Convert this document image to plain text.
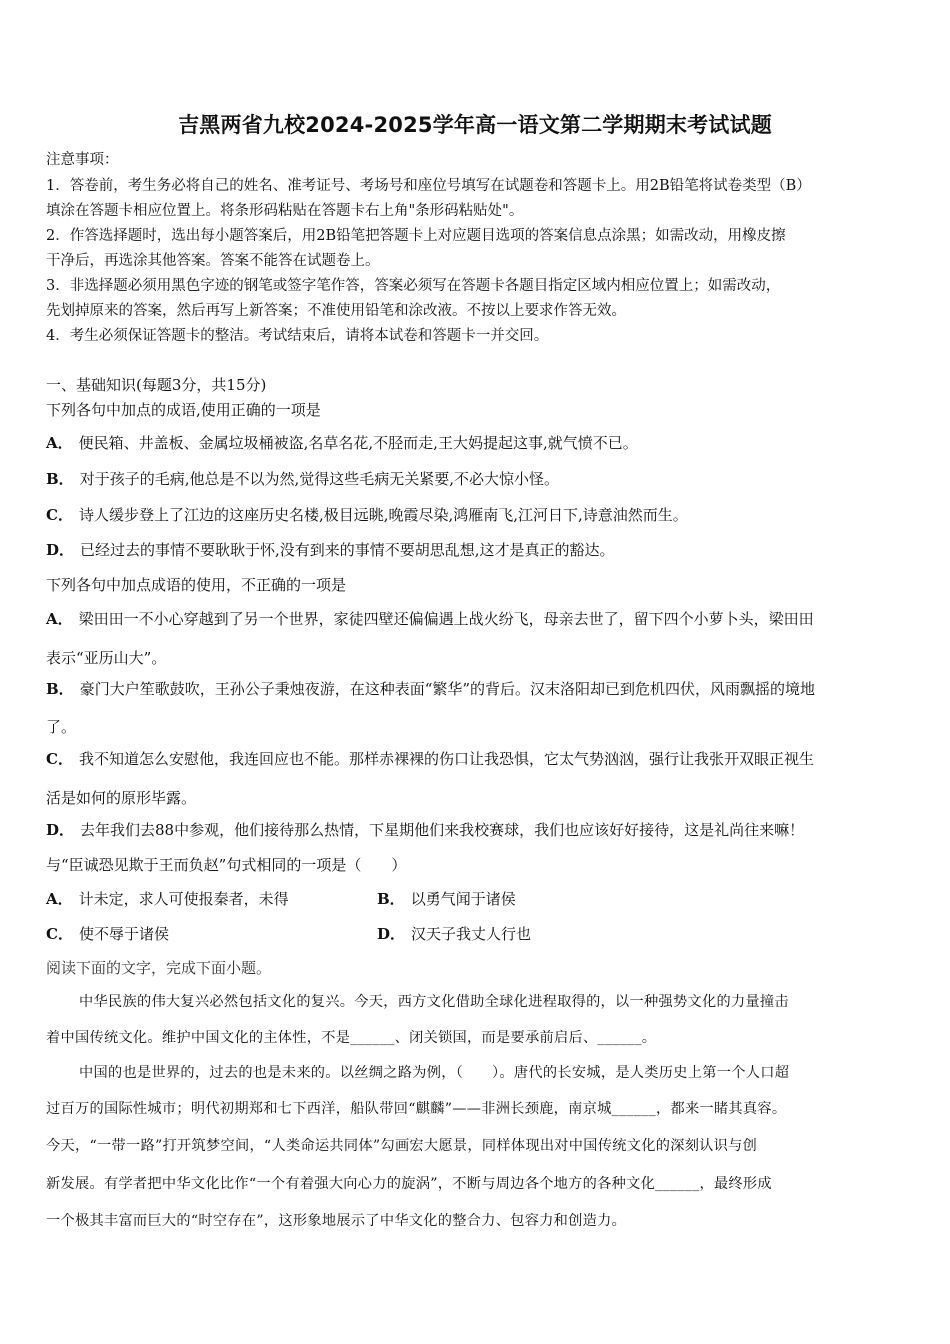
吉黑两省九校2024-2025学年高一语文第二学期期末考试试题
注意事项：
1．答卷前，考生务必将自己的姓名、准考证号、考场号和座位号填写在试题卷和答题卡上。用2B铅笔将试卷类型（B）
填涂在答题卡相应位置上。将条形码粘贴在答题卡右上角"条形码粘贴处"。
2．作答选择题时，选出每小题答案后，用2B铅笔把答题卡上对应题目选项的答案信息点涂黑；如需改动，用橡皮擦
干净后，再选涂其他答案。答案不能答在试题卷上。
3．非选择题必须用黑色字迹的钢笔或签字笔作答，答案必须写在答题卡各题目指定区域内相应位置上；如需改动，
先划掉原来的答案，然后再写上新答案；不准使用铅笔和涂改液。不按以上要求作答无效。
4．考生必须保证答题卡的整洁。考试结束后，请将本试卷和答题卡一并交回。
一、基础知识(每题3分，共15分)
下列各句中加点的成语,使用正确的一项是
A． 便民箱、井盖板、金属垃圾桶被盗,名草名花,不胫而走,王大妈提起这事,就气愤不已。
B． 对于孩子的毛病,他总是不以为然,觉得这些毛病无关紧要,不必大惊小怪。
C． 诗人缓步登上了江边的这座历史名楼,极目远眺,晚霞尽染,鸿雁南飞,江河日下,诗意油然而生。
D． 已经过去的事情不要耿耿于怀,没有到来的事情不要胡思乱想,这才是真正的豁达。
下列各句中加点成语的使用，不正确的一项是
A． 梁田田一不小心穿越到了另一个世界，家徒四壁还偏偏遇上战火纷飞，母亲去世了，留下四个小萝卜头，梁田田
表示“亚历山大”。
B． 豪门大户笙歌鼓吹，王孙公子秉烛夜游，在这种表面“繁华”的背后。汉末洛阳却已到危机四伏，风雨飘摇的境地
了。
C． 我不知道怎么安慰他，我连回应也不能。那样赤裸裸的伤口让我恐惧，它太气势汹汹，强行让我张开双眼正视生
活是如何的原形毕露。
D． 去年我们去88中参观，他们接待那么热情，下星期他们来我校赛球，我们也应该好好接待，这是礼尚往来嘛！
与“臣诚恐见欺于王而负赵”句式相同的一项是（　　）
A． 计未定，求人可使报秦者，未得	B． 以勇气闻于诸侯
C． 使不辱于诸侯	D． 汉天子我丈人行也
阅读下面的文字，完成下面小题。
中华民族的伟大复兴必然包括文化的复兴。今天，西方文化借助全球化进程取得的，以一种强势文化的力量撞击
着中国传统文化。维护中国文化的主体性，不是______、闭关锁国，而是要承前启后、______。
中国的也是世界的，过去的也是未来的。以丝绸之路为例，（　　）。唐代的长安城，是人类历史上第一个人口超
过百万的国际性城市；明代初期郑和七下西洋，船队带回“麒麟”——非洲长颈鹿，南京城______，都来一睹其真容。
今天，“一带一路”打开筑梦空间，“人类命运共同体”勾画宏大愿景，同样体现出对中国传统文化的深刻认识与创
新发展。有学者把中华文化比作“一个有着强大向心力的旋涡”，不断与周边各个地方的各种文化______，最终形成
一个极其丰富而巨大的“时空存在”，这形象地展示了中华文化的整合力、包容力和创造力。
